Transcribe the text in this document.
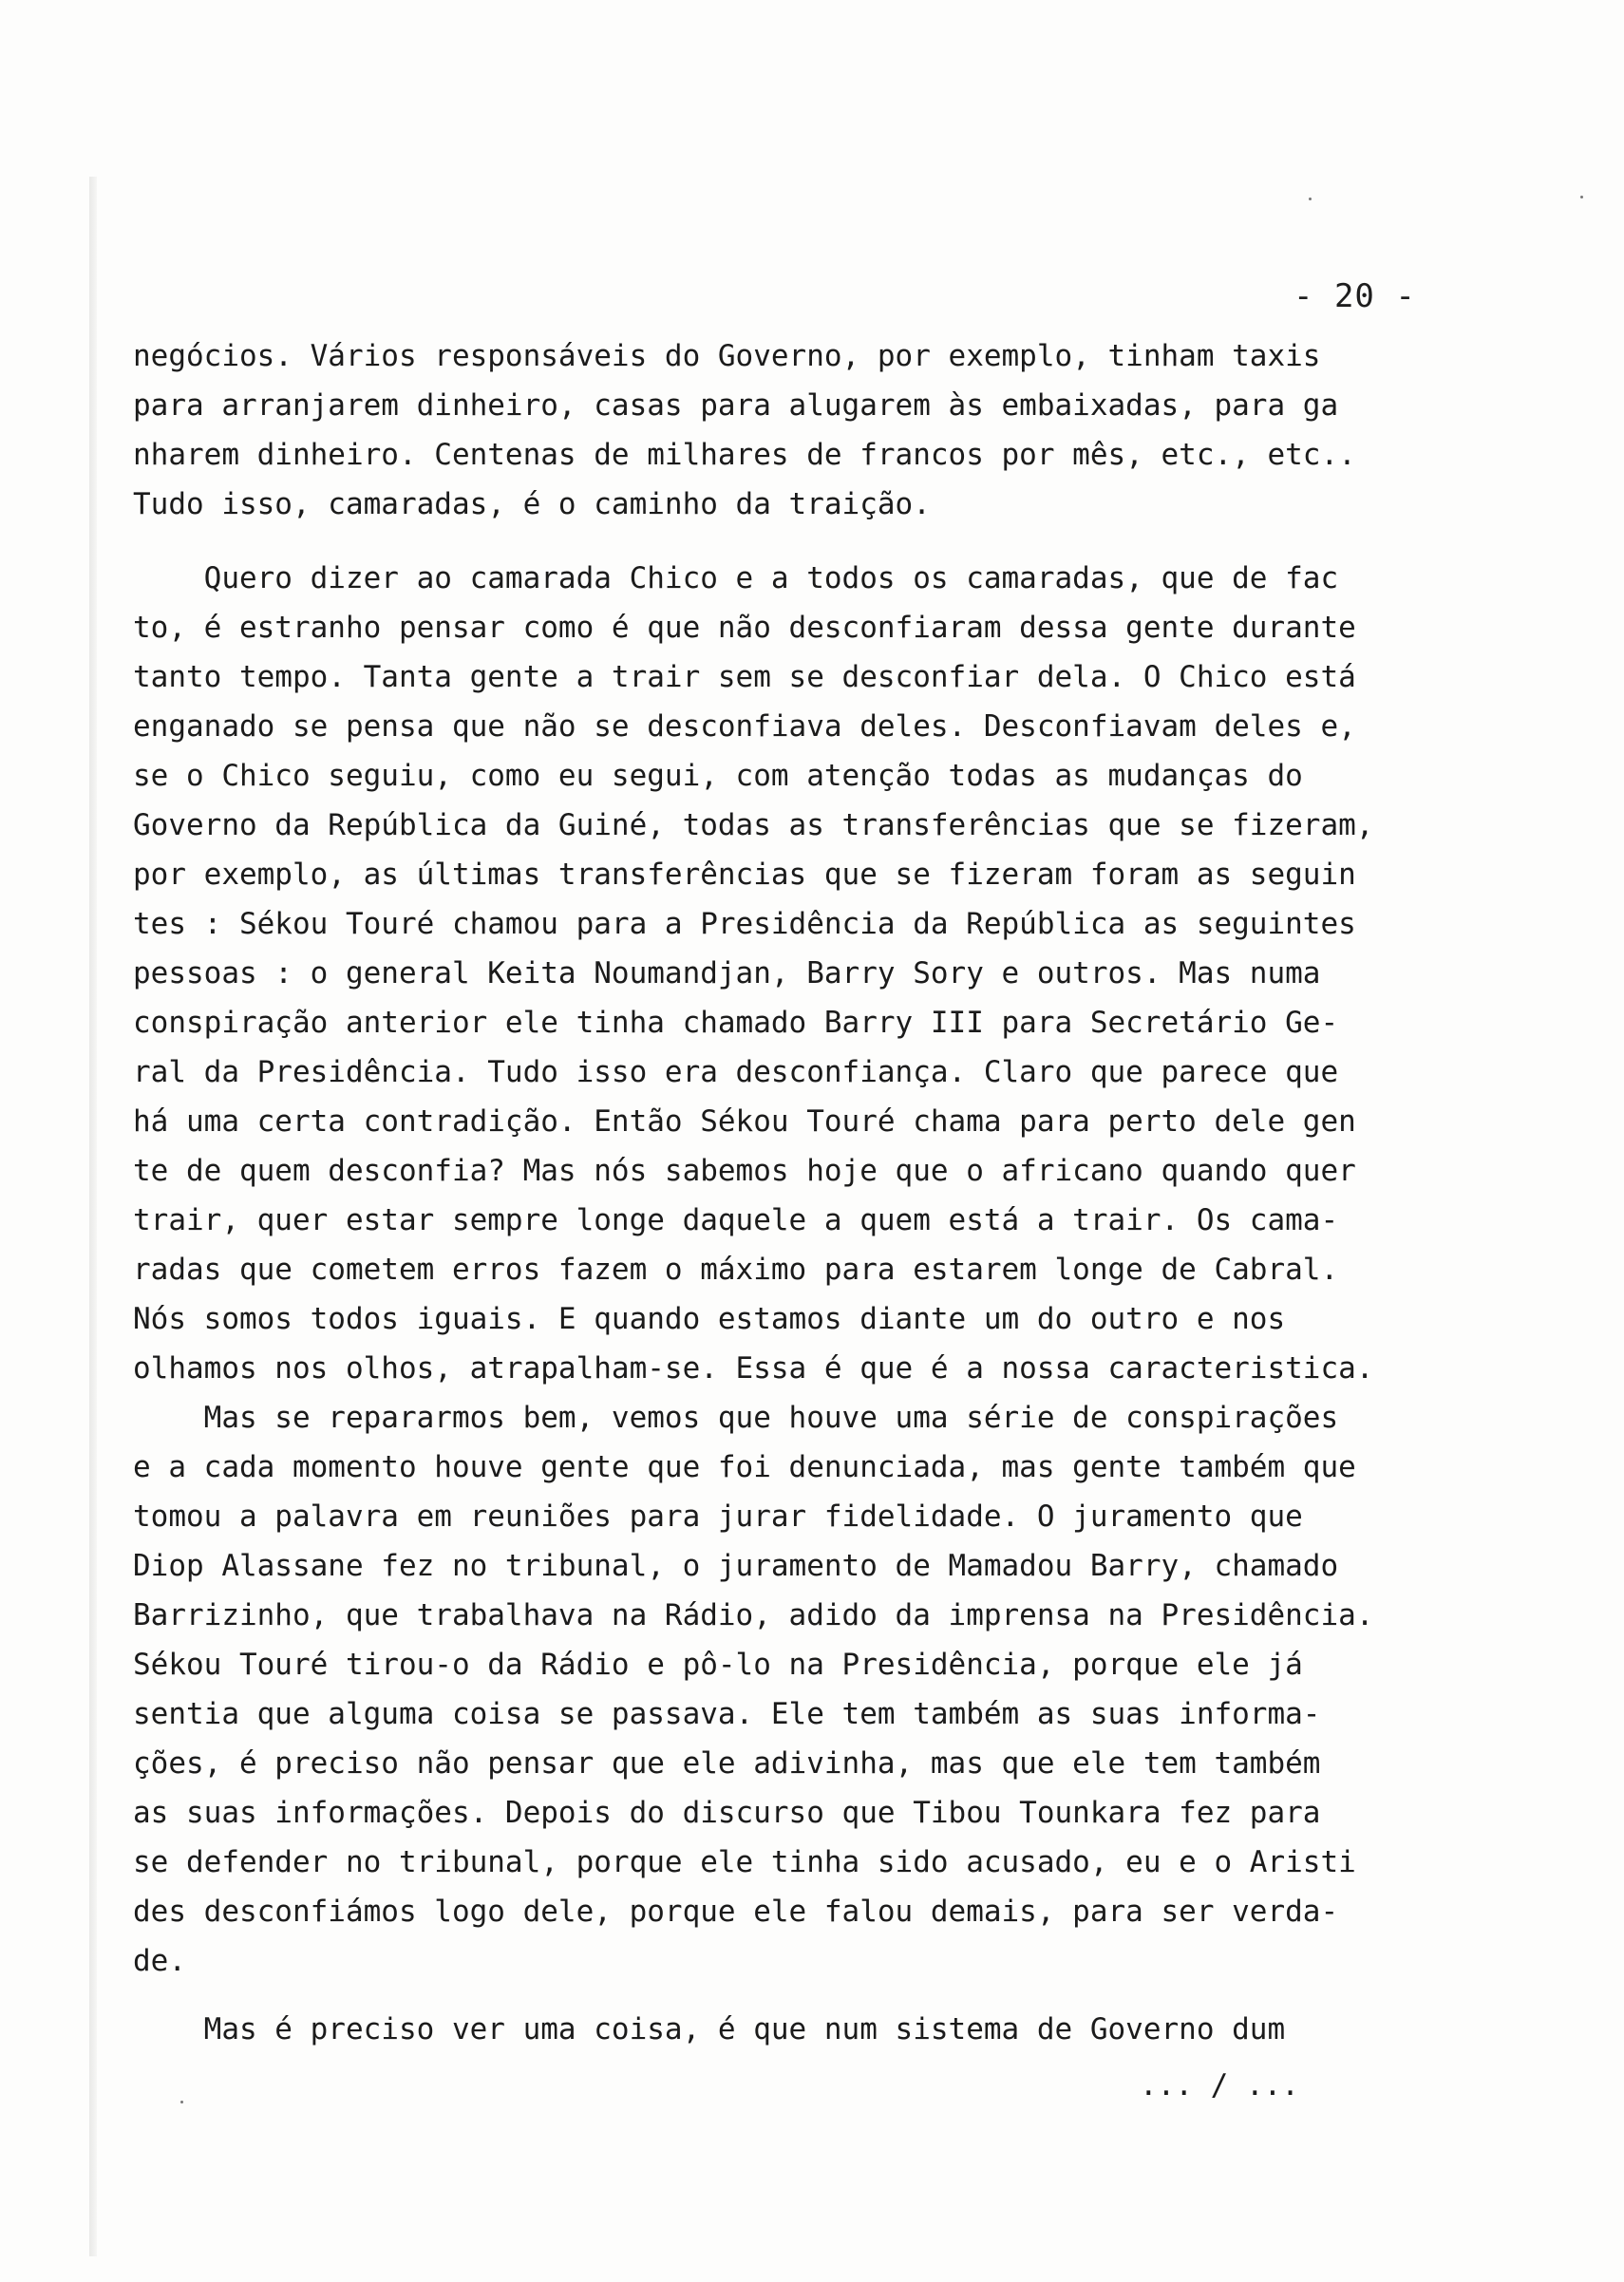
- 20 -
negócios. Vários responsáveis do Governo, por exemplo, tinham taxis
para arranjarem dinheiro, casas para alugarem às embaixadas, para ga
nharem dinheiro. Centenas de milhares de francos por mês, etc., etc..
Tudo isso, camaradas, é o caminho da traição.
Quero dizer ao camarada Chico e a todos os camaradas, que de fac
to, é estranho pensar como é que não desconfiaram dessa gente durante
tanto tempo. Tanta gente a trair sem se desconfiar dela. O Chico está
enganado se pensa que não se desconfiava deles. Desconfiavam deles e,
se o Chico seguiu, como eu segui, com atenção todas as mudanças do
Governo da República da Guiné, todas as transferências que se fizeram,
por exemplo, as últimas transferências que se fizeram foram as seguin
tes : Sékou Touré chamou para a Presidência da República as seguintes
pessoas : o general Keita Noumandjan, Barry Sory e outros. Mas numa
conspiração anterior ele tinha chamado Barry III para Secretário Ge-
ral da Presidência. Tudo isso era desconfiança. Claro que parece que
há uma certa contradição. Então Sékou Touré chama para perto dele gen
te de quem desconfia? Mas nós sabemos hoje que o africano quando quer
trair, quer estar sempre longe daquele a quem está a trair. Os cama-
radas que cometem erros fazem o máximo para estarem longe de Cabral.
Nós somos todos iguais. E quando estamos diante um do outro e nos
olhamos nos olhos, atrapalham-se. Essa é que é a nossa caracteristica.
Mas se repararmos bem, vemos que houve uma série de conspirações
e a cada momento houve gente que foi denunciada, mas gente também que
tomou a palavra em reuniões para jurar fidelidade. O juramento que
Diop Alassane fez no tribunal, o juramento de Mamadou Barry, chamado
Barrizinho, que trabalhava na Rádio, adido da imprensa na Presidência.
Sékou Touré tirou-o da Rádio e pô-lo na Presidência, porque ele já
sentia que alguma coisa se passava. Ele tem também as suas informa-
ções, é preciso não pensar que ele adivinha, mas que ele tem também
as suas informações. Depois do discurso que Tibou Tounkara fez para
se defender no tribunal, porque ele tinha sido acusado, eu e o Aristi
des desconfiámos logo dele, porque ele falou demais, para ser verda-
de.
Mas é preciso ver uma coisa, é que num sistema de Governo dum
... / ...
